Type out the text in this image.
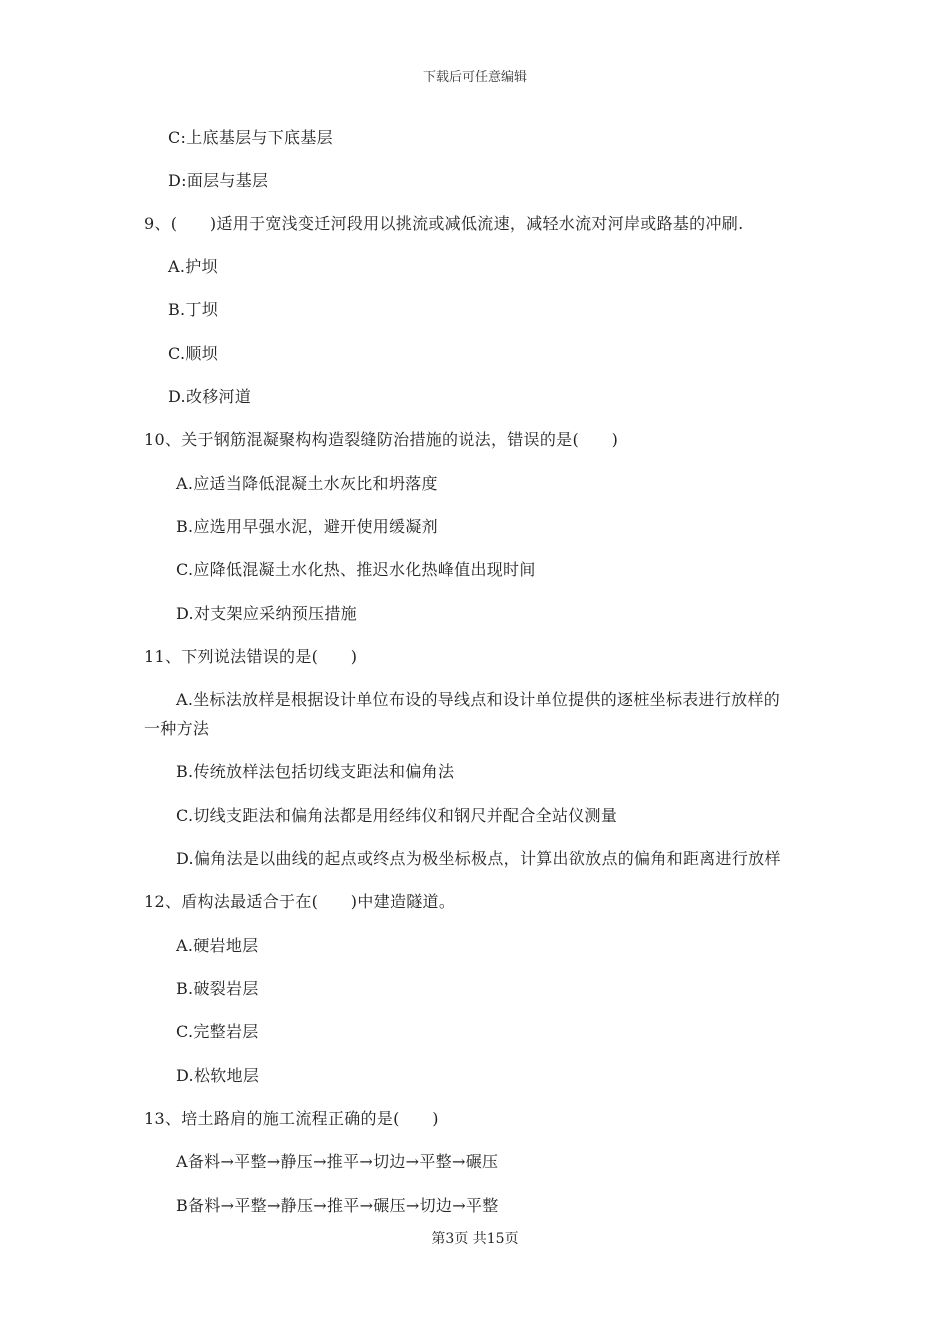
下载后可任意编辑
C:上底基层与下底基层
D:面层与基层
9、(　　)适用于宽浅变迁河段用以挑流或减低流速，减轻水流对河岸或路基的冲刷.
A.护坝
B.丁坝
C.顺坝
D.改移河道
10、关于钢筋混凝聚构构造裂缝防治措施的说法，错误的是(　　)
A.应适当降低混凝土水灰比和坍落度
B.应选用早强水泥，避开使用缓凝剂
C.应降低混凝土水化热、推迟水化热峰值出现时间
D.对支架应采纳预压措施
11、下列说法错误的是(　　)
A.坐标法放样是根据设计单位布设的导线点和设计单位提供的逐桩坐标表进行放样的
一种方法
B.传统放样法包括切线支距法和偏角法
C.切线支距法和偏角法都是用经纬仪和钢尺并配合全站仪测量
D.偏角法是以曲线的起点或终点为极坐标极点，计算出欲放点的偏角和距离进行放样
12、盾构法最适合于在(　　)中建造隧道。
A.硬岩地层
B.破裂岩层
C.完整岩层
D.松软地层
13、培土路肩的施工流程正确的是(　　)
A备料→平整→静压→推平→切边→平整→碾压
B备料→平整→静压→推平→碾压→切边→平整
第3页 共15页
